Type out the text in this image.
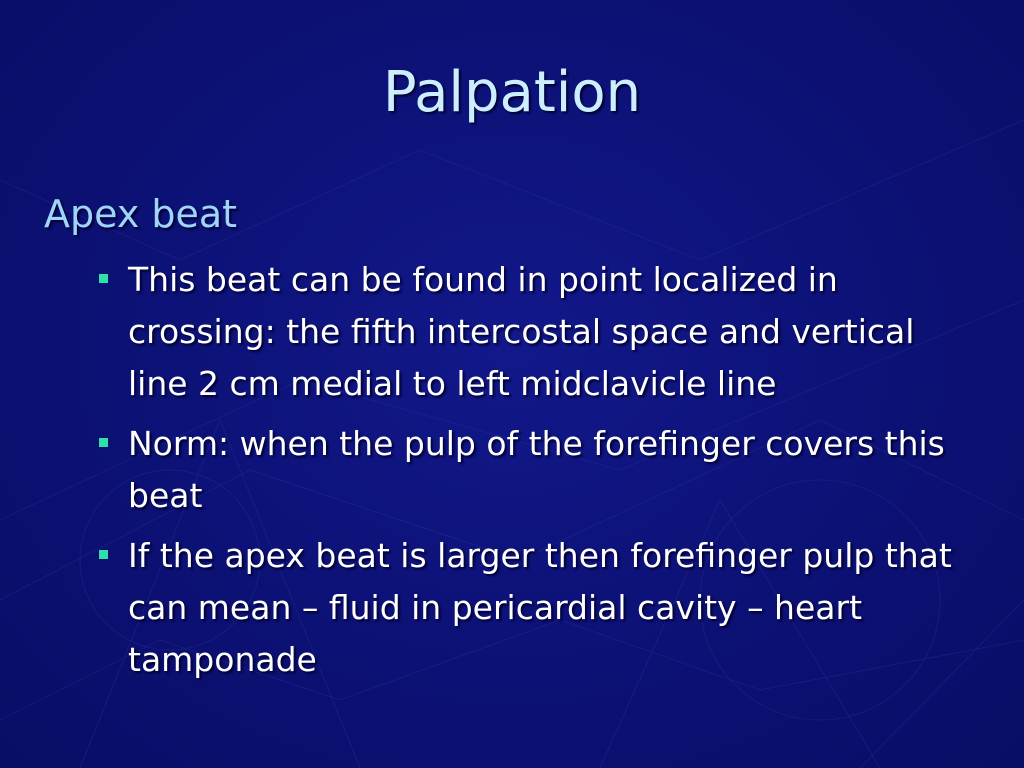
Palpation
Apex beat
This beat can be found in point localized in crossing: the fifth intercostal space and vertical line 2 cm medial to left midclavicle line
Norm: when the pulp of the forefinger covers this beat
If the apex beat is larger then forefinger pulp that can mean – fluid in pericardial cavity – heart tamponade
